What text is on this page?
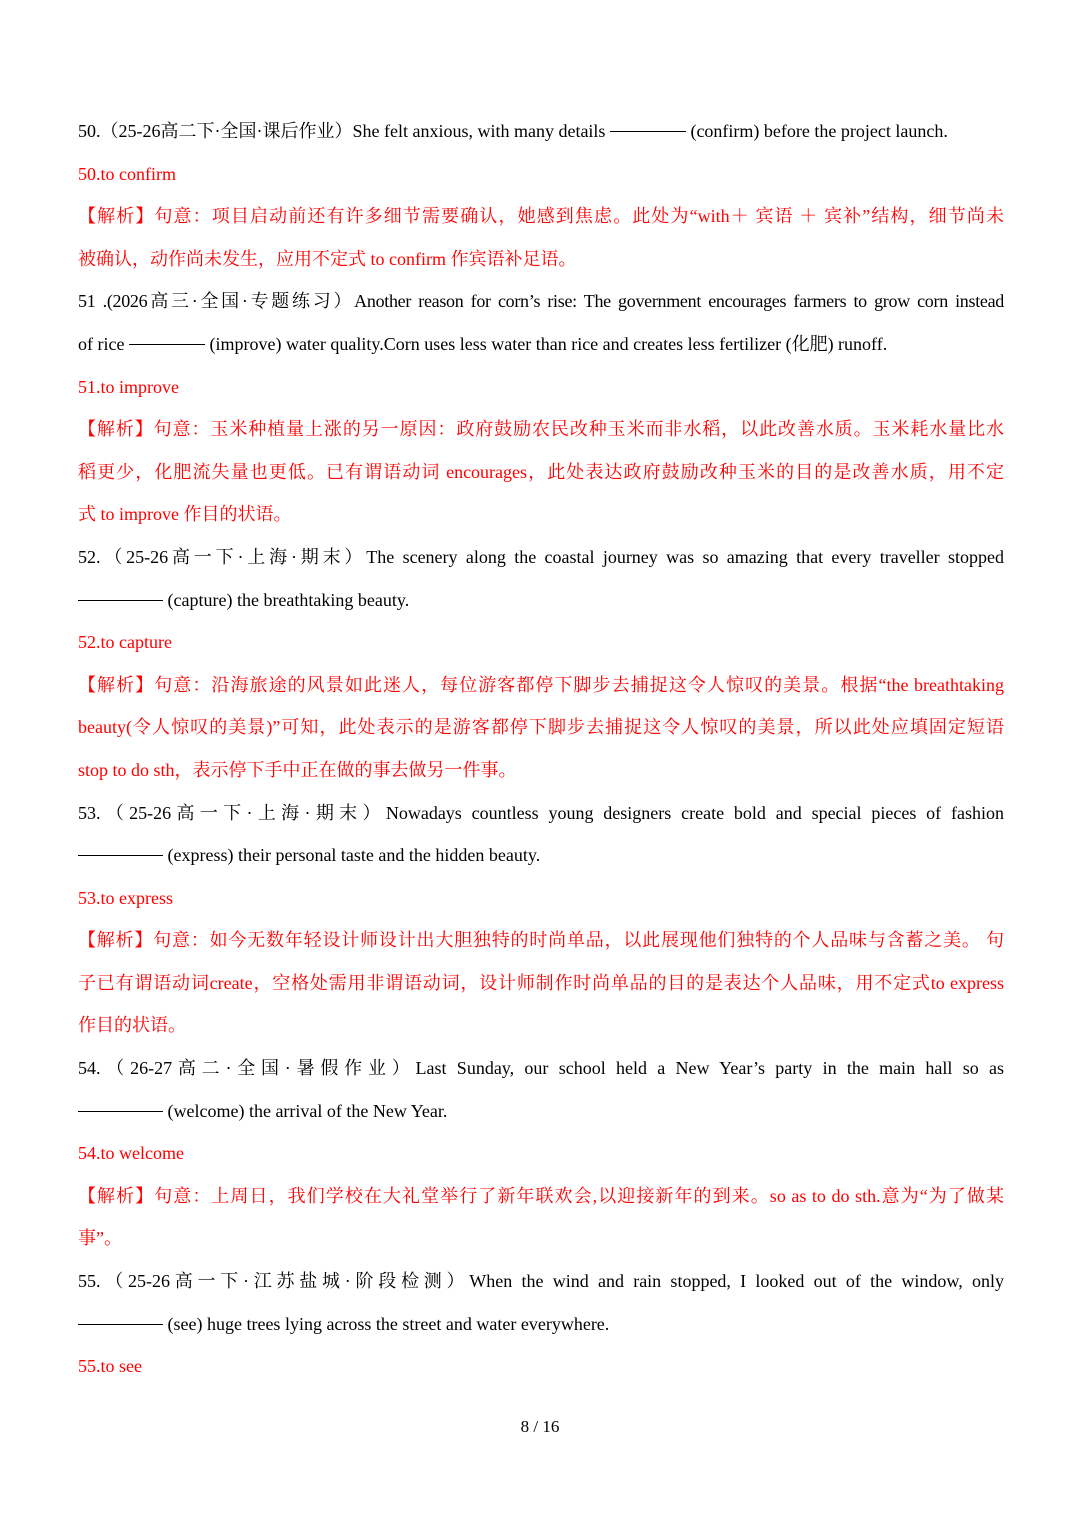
50.（25-26高二下·全国·课后作业）She felt anxious, with many details	(confirm) before the project launch.
50.to confirm
【解析】句意：项目启动前还有许多细节需要确认，她感到焦虑。此处为“with＋ 宾语 ＋ 宾补”结构，细节尚未
被确认，动作尚未发生，应用不定式 to confirm 作宾语补足语。
51 .(2026高三·全国·专题练习）Another reason for corn’s rise: The government encourages farmers to grow corn instead
of rice	(improve) water quality.Corn uses less water than rice and creates less fertilizer (化肥) runoff.
51.to improve
【解析】句意：玉米种植量上涨的另一原因：政府鼓励农民改种玉米而非水稻，以此改善水质。玉米耗水量比水
稻更少，化肥流失量也更低。已有谓语动词 encourages，此处表达政府鼓励改种玉米的目的是改善水质，用不定
式 to improve 作目的状语。
52.（25-26高一下·上海·期末）The scenery along the coastal journey was so amazing that every traveller stopped
(capture) the breathtaking beauty.
52.to capture
【解析】句意：沿海旅途的风景如此迷人，每位游客都停下脚步去捕捉这令人惊叹的美景。根据“the breathtaking
beauty(令人惊叹的美景)”可知，此处表示的是游客都停下脚步去捕捉这令人惊叹的美景，所以此处应填固定短语
stop to do sth，表示停下手中正在做的事去做另一件事。
53.（25-26高一下·上海·期末）Nowadays countless young designers create bold and special pieces of fashion
(express) their personal taste and the hidden beauty.
53.to express
【解析】句意：如今无数年轻设计师设计出大胆独特的时尚单品，以此展现他们独特的个人品味与含蓄之美。 句
子已有谓语动词create，空格处需用非谓语动词，设计师制作时尚单品的目的是表达个人品味，用不定式to express
作目的状语。
54.（26-27高二·全国·暑假作业）Last Sunday, our school held a New Year’s party in the main hall so as
(welcome) the arrival of the New Year.
54.to welcome
【解析】句意：上周日，我们学校在大礼堂举行了新年联欢会,以迎接新年的到来。so as to do sth.意为“为了做某
事”。
55.（25-26高一下·江苏盐城·阶段检测）When the wind and rain stopped, I looked out of the window, only
(see) huge trees lying across the street and water everywhere.
55.to see
8 / 16
